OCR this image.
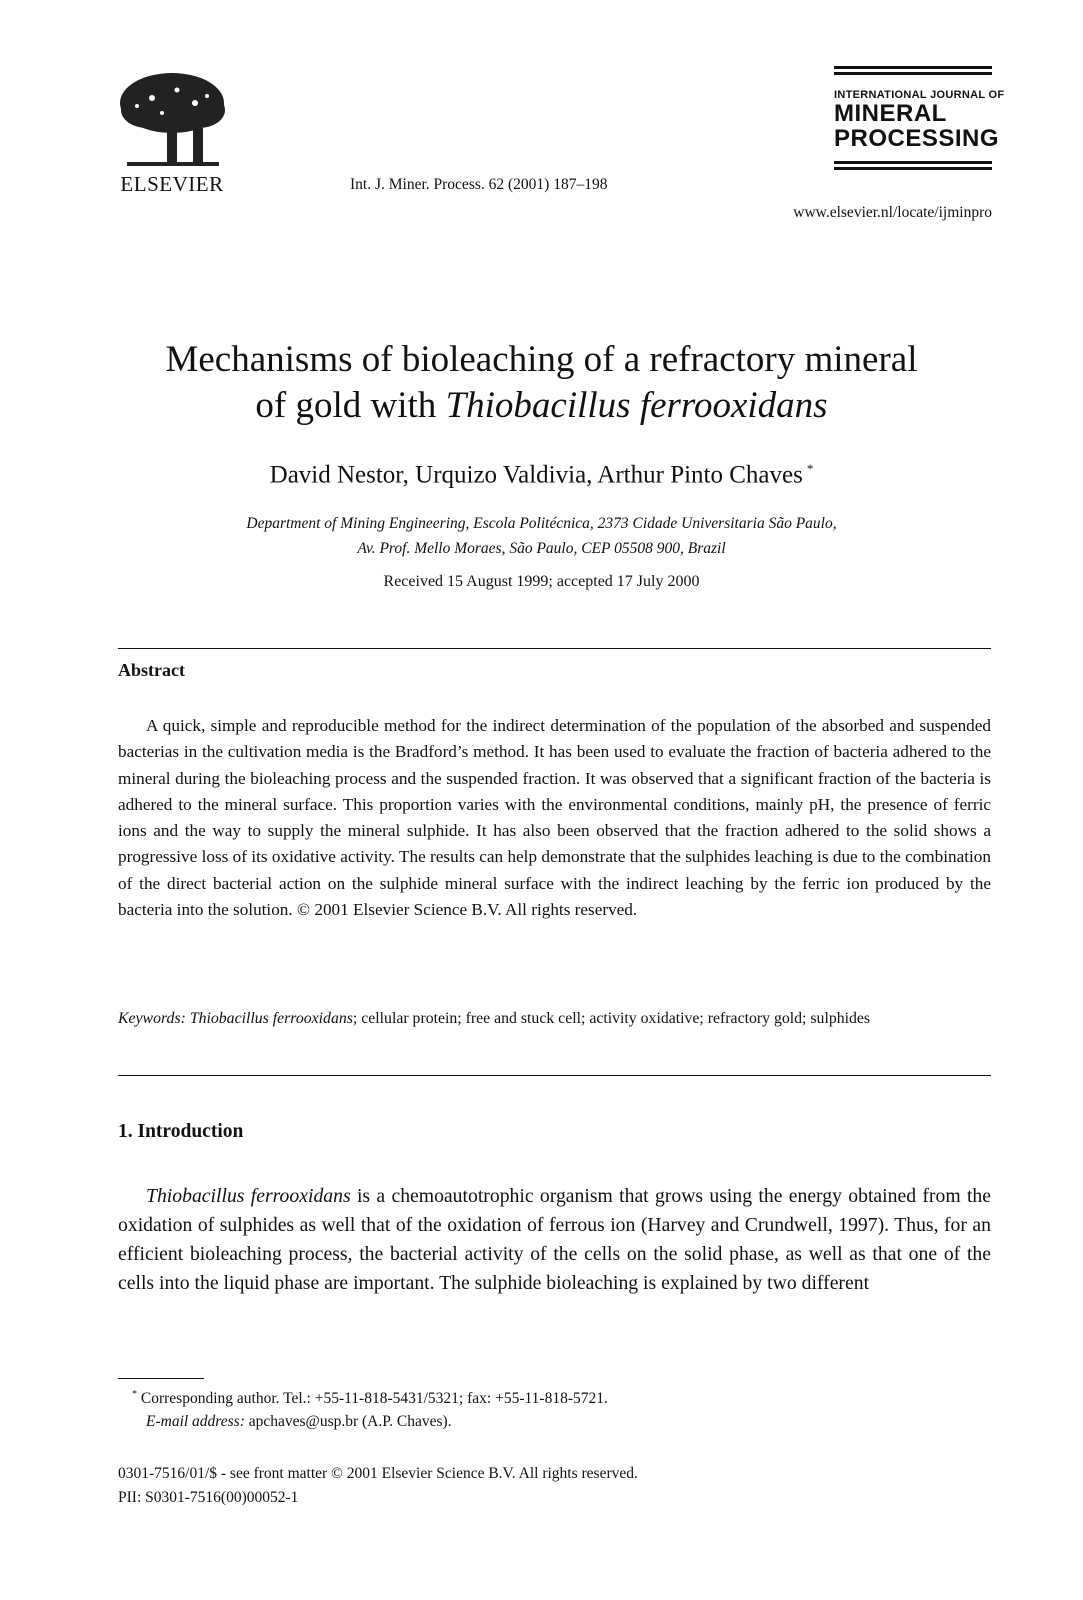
ELSEVIER	Int. J. Miner. Process. 62 (2001) 187–198
INTERNATIONAL JOURNAL OF
MINERAL
PROCESSING
www.elsevier.nl/locate/ijminpro
Mechanisms of bioleaching of a refractory mineral
of gold with Thiobacillus ferrooxidans
David Nestor, Urquizo Valdivia, Arthur Pinto Chaves *
Department of Mining Engineering, Escola Politécnica, 2373 Cidade Universitaria São Paulo,
Av. Prof. Mello Moraes, São Paulo, CEP 05508 900, Brazil
Received 15 August 1999; accepted 17 July 2000
Abstract
A quick, simple and reproducible method for the indirect determination of the population of the absorbed and suspended bacterias in the cultivation media is the Bradford’s method. It has been used to evaluate the fraction of bacteria adhered to the mineral during the bioleaching process and the suspended fraction. It was observed that a significant fraction of the bacteria is adhered to the mineral surface. This proportion varies with the environmental conditions, mainly pH, the presence of ferric ions and the way to supply the mineral sulphide. It has also been observed that the fraction adhered to the solid shows a progressive loss of its oxidative activity. The results can help demonstrate that the sulphides leaching is due to the combination of the direct bacterial action on the sulphide mineral surface with the indirect leaching by the ferric ion produced by the bacteria into the solution. © 2001 Elsevier Science B.V. All rights reserved.
Keywords: Thiobacillus ferrooxidans; cellular protein; free and stuck cell; activity oxidative; refractory gold; sulphides
1. Introduction
Thiobacillus ferrooxidans is a chemoautotrophic organism that grows using the energy obtained from the oxidation of sulphides as well that of the oxidation of ferrous ion (Harvey and Crundwell, 1997). Thus, for an efficient bioleaching process, the bacterial activity of the cells on the solid phase, as well as that one of the cells into the liquid phase are important. The sulphide bioleaching is explained by two different
* Corresponding author. Tel.: +55-11-818-5431/5321; fax: +55-11-818-5721.
E-mail address: apchaves@usp.br (A.P. Chaves).
0301-7516/01/$ - see front matter © 2001 Elsevier Science B.V. All rights reserved.
PII: S0301-7516(00)00052-1
